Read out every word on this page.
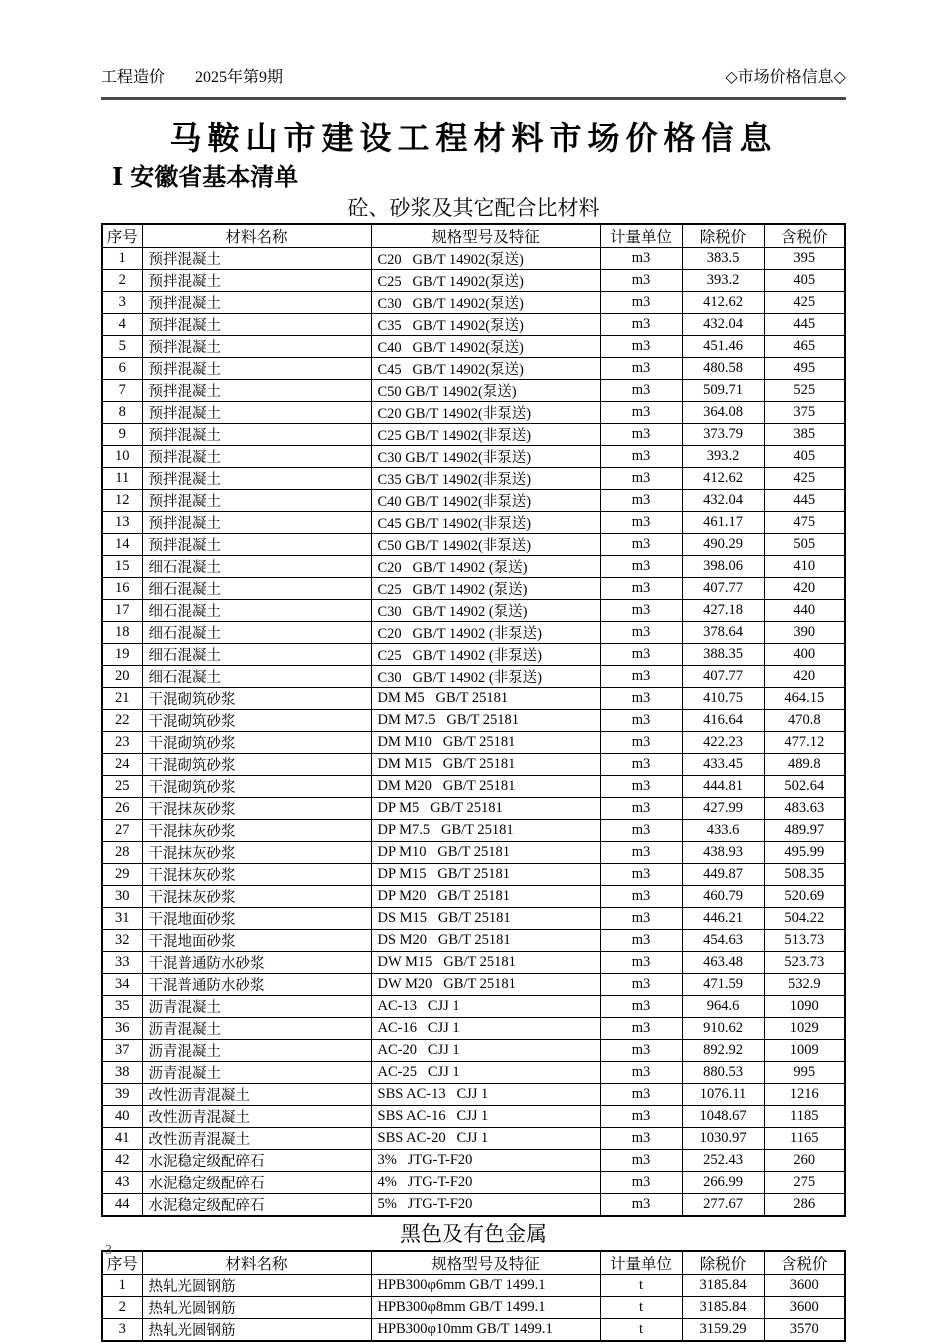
工程造价 2025年第9期	◇市场价格信息◇
马鞍山市建设工程材料市场价格信息
Ⅰ 安徽省基本清单
砼、砂浆及其它配合比材料
序号	材料名称	规格型号及特征	计量单位	除税价	含税价
1	预拌混凝土	C20   GB/T 14902(泵送)	m3	383.5	395
2	预拌混凝土	C25   GB/T 14902(泵送)	m3	393.2	405
3	预拌混凝土	C30   GB/T 14902(泵送)	m3	412.62	425
4	预拌混凝土	C35   GB/T 14902(泵送)	m3	432.04	445
5	预拌混凝土	C40   GB/T 14902(泵送)	m3	451.46	465
6	预拌混凝土	C45   GB/T 14902(泵送)	m3	480.58	495
7	预拌混凝土	C50 GB/T 14902(泵送)	m3	509.71	525
8	预拌混凝土	C20 GB/T 14902(非泵送)	m3	364.08	375
9	预拌混凝土	C25 GB/T 14902(非泵送)	m3	373.79	385
10	预拌混凝土	C30 GB/T 14902(非泵送)	m3	393.2	405
11	预拌混凝土	C35 GB/T 14902(非泵送)	m3	412.62	425
12	预拌混凝土	C40 GB/T 14902(非泵送)	m3	432.04	445
13	预拌混凝土	C45 GB/T 14902(非泵送)	m3	461.17	475
14	预拌混凝土	C50 GB/T 14902(非泵送)	m3	490.29	505
15	细石混凝土	C20   GB/T 14902 (泵送)	m3	398.06	410
16	细石混凝土	C25   GB/T 14902 (泵送)	m3	407.77	420
17	细石混凝土	C30   GB/T 14902 (泵送)	m3	427.18	440
18	细石混凝土	C20   GB/T 14902 (非泵送)	m3	378.64	390
19	细石混凝土	C25   GB/T 14902 (非泵送)	m3	388.35	400
20	细石混凝土	C30   GB/T 14902 (非泵送)	m3	407.77	420
21	干混砌筑砂浆	DM M5   GB/T 25181	m3	410.75	464.15
22	干混砌筑砂浆	DM M7.5   GB/T 25181	m3	416.64	470.8
23	干混砌筑砂浆	DM M10   GB/T 25181	m3	422.23	477.12
24	干混砌筑砂浆	DM M15   GB/T 25181	m3	433.45	489.8
25	干混砌筑砂浆	DM M20   GB/T 25181	m3	444.81	502.64
26	干混抹灰砂浆	DP M5   GB/T 25181	m3	427.99	483.63
27	干混抹灰砂浆	DP M7.5   GB/T 25181	m3	433.6	489.97
28	干混抹灰砂浆	DP M10   GB/T 25181	m3	438.93	495.99
29	干混抹灰砂浆	DP M15   GB/T 25181	m3	449.87	508.35
30	干混抹灰砂浆	DP M20   GB/T 25181	m3	460.79	520.69
31	干混地面砂浆	DS M15   GB/T 25181	m3	446.21	504.22
32	干混地面砂浆	DS M20   GB/T 25181	m3	454.63	513.73
33	干混普通防水砂浆	DW M15   GB/T 25181	m3	463.48	523.73
34	干混普通防水砂浆	DW M20   GB/T 25181	m3	471.59	532.9
35	沥青混凝土	AC-13   CJJ 1	m3	964.6	1090
36	沥青混凝土	AC-16   CJJ 1	m3	910.62	1029
37	沥青混凝土	AC-20   CJJ 1	m3	892.92	1009
38	沥青混凝土	AC-25   CJJ 1	m3	880.53	995
39	改性沥青混凝土	SBS AC-13   CJJ 1	m3	1076.11	1216
40	改性沥青混凝土	SBS AC-16   CJJ 1	m3	1048.67	1185
41	改性沥青混凝土	SBS AC-20   CJJ 1	m3	1030.97	1165
42	水泥稳定级配碎石	3%   JTG-T-F20	m3	252.43	260
43	水泥稳定级配碎石	4%   JTG-T-F20	m3	266.99	275
44	水泥稳定级配碎石	5%   JTG-T-F20	m3	277.67	286
黑色及有色金属
序号	材料名称	规格型号及特征	计量单位	除税价	含税价
1	热轧光圆钢筋	HPB300φ6mm GB/T 1499.1	t	3185.84	3600
2	热轧光圆钢筋	HPB300φ8mm GB/T 1499.1	t	3185.84	3600
3	热轧光圆钢筋	HPB300φ10mm GB/T 1499.1	t	3159.29	3570
3
